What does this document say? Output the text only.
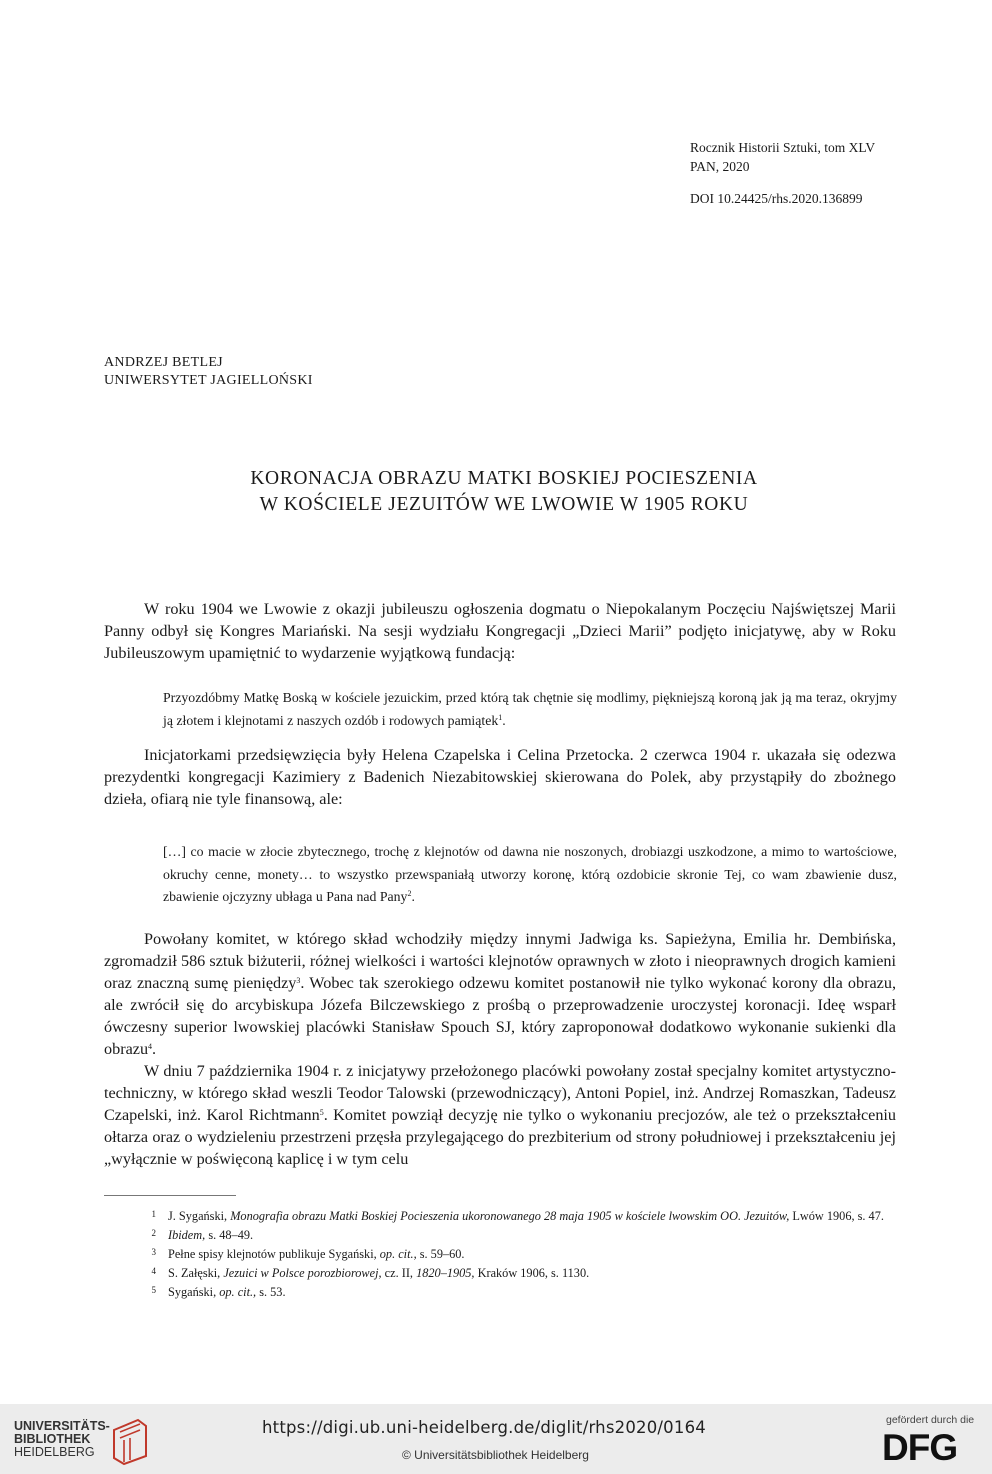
Rocznik Historii Sztuki, tom XLV
PAN, 2020
DOI 10.24425/rhs.2020.136899
ANDRZEJ BETLEJ
UNIWERSYTET JAGIELLOŃSKI
KORONACJA OBRAZU MATKI BOSKIEJ POCIESZENIA
W KOŚCIELE JEZUITÓW WE LWOWIE W 1905 ROKU

W roku 1904 we Lwowie z okazji jubileuszu ogłoszenia dogmatu o Niepokalanym Poczęciu Najświętszej Marii Panny odbył się Kongres Mariański. Na sesji wydziału Kongregacji „Dzieci Marii” podjęto inicjatywę, aby w Roku Jubileuszowym upamiętnić to wydarzenie wyjątkową fundacją:

Przyozdóbmy Matkę Boską w kościele jezuickim, przed którą tak chętnie się modlimy, piękniejszą koroną jak ją ma teraz, okryjmy ją złotem i klejnotami z naszych ozdób i rodowych pamiątek$^1$.

Inicjatorkami przedsięwzięcia były Helena Czapelska i Celina Przetocka. 2 czerwca 1904 r. ukazała się odezwa prezydentki kongregacji Kazimiery z Badenich Niezabitowskiej skierowana do Polek, aby przystąpiły do zbożnego dzieła, ofiarą nie tyle finansową, ale:

[…] co macie w złocie zbytecznego, trochę z klejnotów od dawna nie noszonych, drobiazgi uszkodzone, a mimo to wartościowe, okruchy cenne, monety… to wszystko przewspaniałą utworzy koronę, którą ozdobicie skronie Tej, co wam zbawienie dusz, zbawienie ojczyzny ubłaga u Pana nad Pany$^2$.

Powołany komitet, w którego skład wchodziły między innymi Jadwiga ks. Sapieżyna, Emilia hr. Dembińska, zgromadził 586 sztuk biżuterii, różnej wielkości i wartości klejnotów oprawnych w złoto i nieoprawnych drogich kamieni oraz znaczną sumę pieniędzy$^3$. Wobec tak szerokiego odzewu komitet postanowił nie tylko wykonać korony dla obrazu, ale zwrócił się do arcybiskupa Józefa Bilczewskiego z prośbą o przeprowadzenie uroczystej koronacji. Ideę wsparł ówczesny superior lwowskiej placówki Stanisław Spouch SJ, który zaproponował dodatkowo wykonanie sukienki dla obrazu$^4$.

W dniu 7 października 1904 r. z inicjatywy przełożonego placówki powołany został specjalny komitet artystyczno-techniczny, w którego skład weszli Teodor Talowski (przewodniczący), Antoni Popiel, inż. Andrzej Romaszkan, Tadeusz Czapelski, inż. Karol Richtmann$^5$. Komitet powziął decyzję nie tylko o wykonaniu precjozów, ale też o przekształceniu ołtarza oraz o wydzieleniu przestrzeni przęsła przylegającego do prezbiterium od strony południowej i przekształceniu jej „wyłącznie w poświęconą kaplicę i w tym celu

1 J. Sygański, Monografia obrazu Matki Boskiej Pocieszenia ukoronowanego 28 maja 1905 w kościele lwowskim OO. Jezuitów, Lwów 1906, s. 47.
2 Ibidem, s. 48–49.
3 Pełne spisy klejnotów publikuje Sygański, op. cit., s. 59–60.
4 S. Załęski, Jezuici w Polsce porozbiorowej, cz. II, 1820–1905, Kraków 1906, s. 1130.
5 Sygański, op. cit., s. 53.
UNIVERSITÄTS-
BIBLIOTHEK
HEIDELBERG
https://digi.ub.uni-heidelberg.de/diglit/rhs2020/0164
© Universitätsbibliothek Heidelberg
gefördert durch die
DFG
